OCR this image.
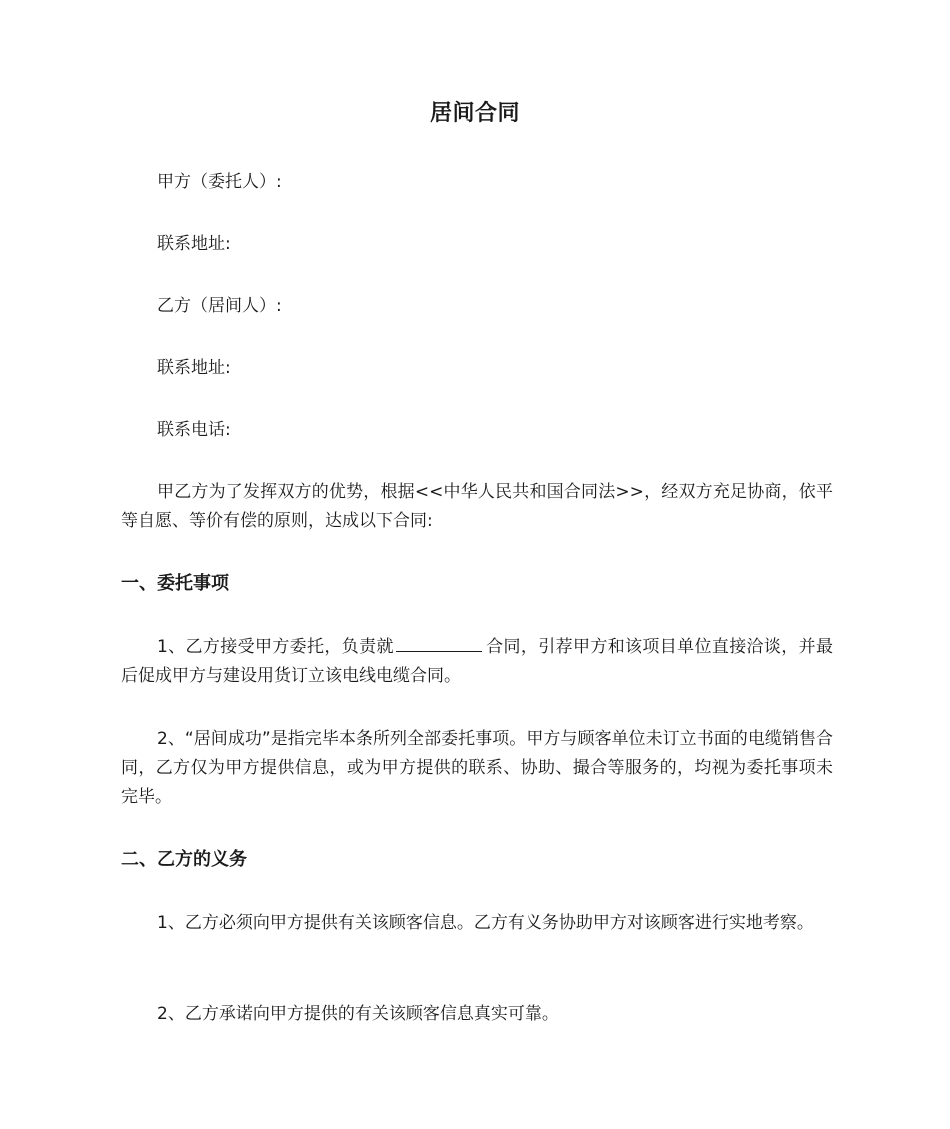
居间合同
甲方（委托人）:
联系地址:
乙方（居间人）:
联系地址:
联系电话:
甲乙方为了发挥双方的优势，根据<<中华人民共和国合同法>>，经双方充足协商，依平等自愿、等价有偿的原则，达成以下合同:
一、委托事项
1、乙方接受甲方委托，负责就	合同，引荐甲方和该项目单位直接洽谈，并最后促成甲方与建设用货订立该电线电缆合同。
2、“居间成功”是指完毕本条所列全部委托事项。甲方与顾客单位未订立书面的电缆销售合同，乙方仅为甲方提供信息，或为甲方提供的联系、协助、撮合等服务的，均视为委托事项未完毕。
二、乙方的义务
1、乙方必须向甲方提供有关该顾客信息。乙方有义务协助甲方对该顾客进行实地考察。
2、乙方承诺向甲方提供的有关该顾客信息真实可靠。
